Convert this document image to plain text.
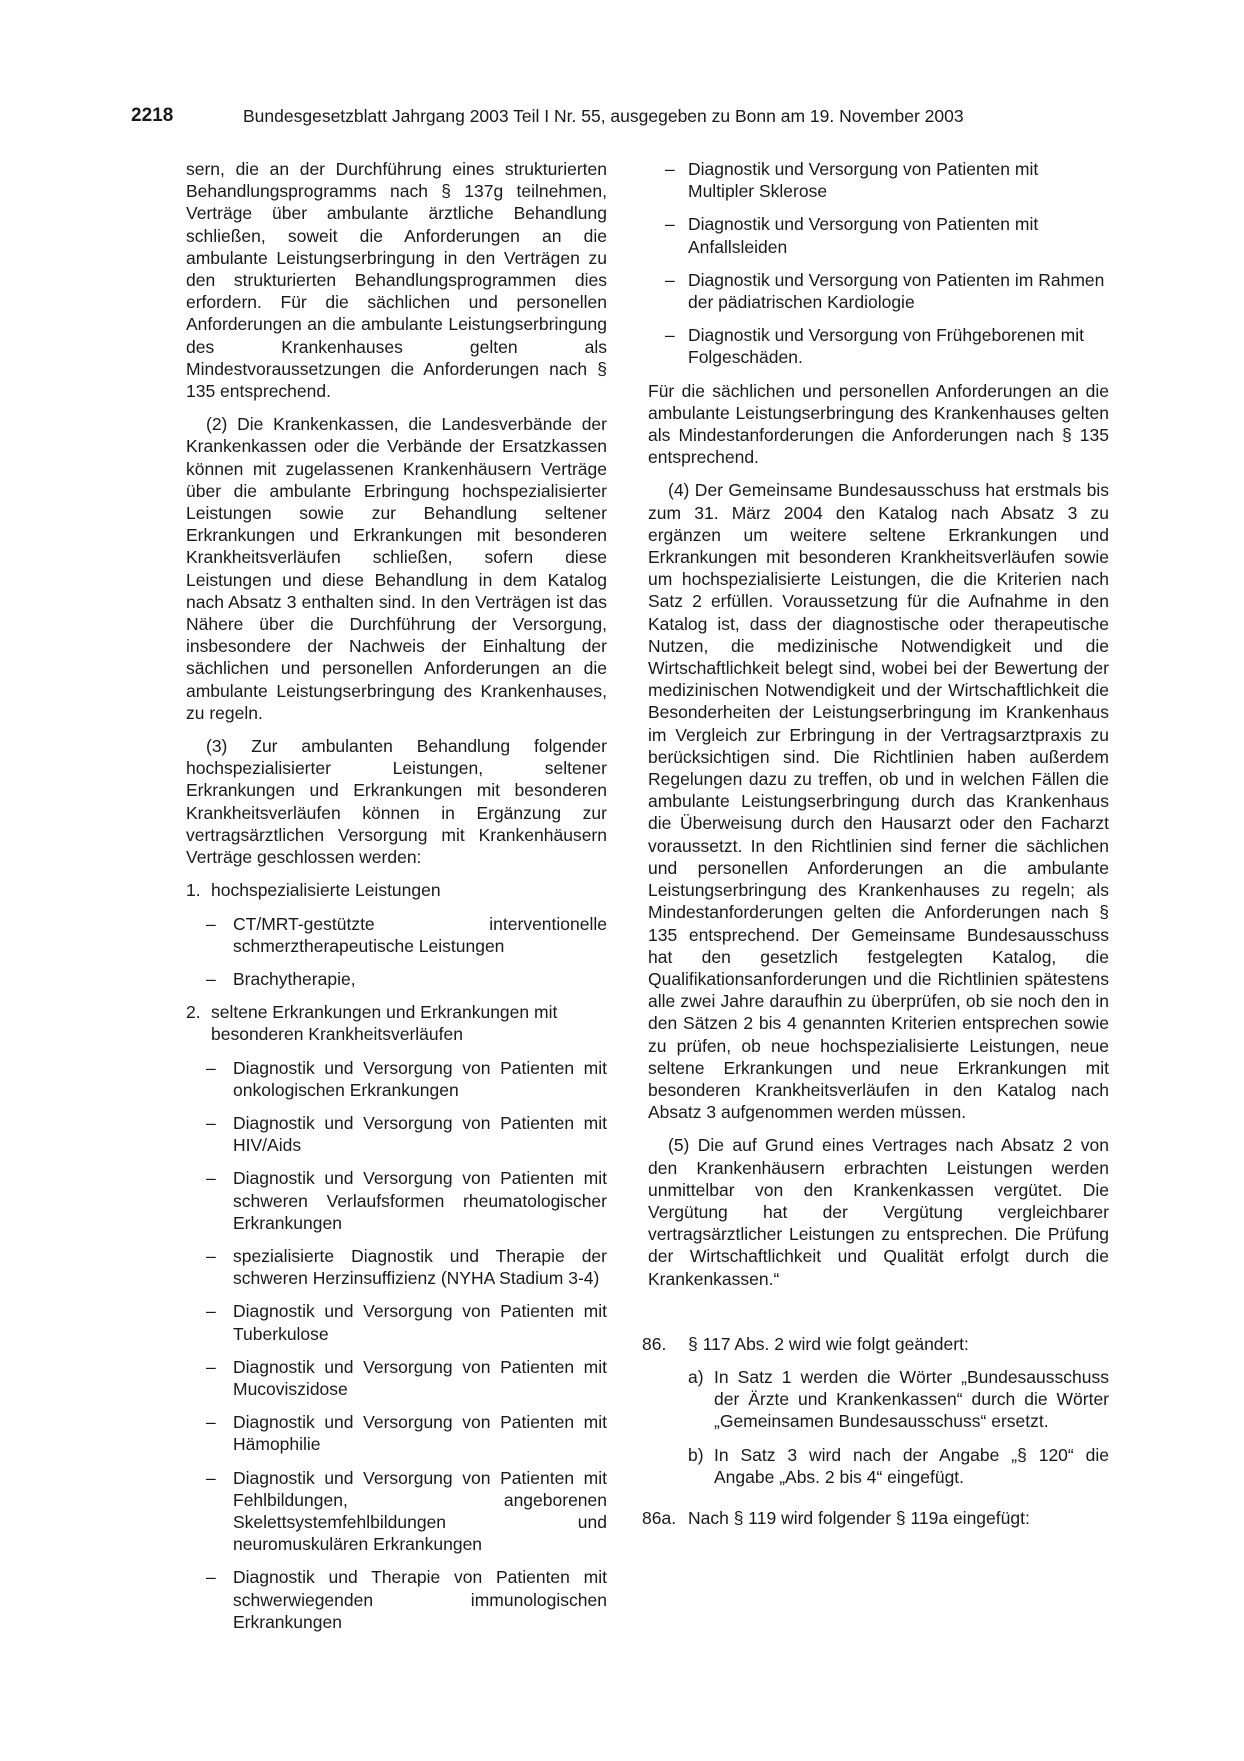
2218	Bundesgesetzblatt Jahrgang 2003 Teil I Nr. 55, ausgegeben zu Bonn am 19. November 2003

sern, die an der Durchführung eines strukturierten Behandlungsprogramms nach § 137g teilnehmen, Verträge über ambulante ärztliche Behandlung schließen, soweit die Anforderungen an die ambulante Leistungserbringung in den Verträgen zu den strukturierten Behandlungsprogrammen dies erfordern. Für die sächlichen und personellen Anforderungen an die ambulante Leistungserbringung des Krankenhauses gelten als Mindestvoraussetzungen die Anforderungen nach § 135 entsprechend.

(2) Die Krankenkassen, die Landesverbände der Krankenkassen oder die Verbände der Ersatzkassen können mit zugelassenen Krankenhäusern Verträge über die ambulante Erbringung hochspezialisierter Leistungen sowie zur Behandlung seltener Erkrankungen und Erkrankungen mit besonderen Krankheitsverläufen schließen, sofern diese Leistungen und diese Behandlung in dem Katalog nach Absatz 3 enthalten sind. In den Verträgen ist das Nähere über die Durchführung der Versorgung, insbesondere der Nachweis der Einhaltung der sächlichen und personellen Anforderungen an die ambulante Leistungserbringung des Krankenhauses, zu regeln.

(3) Zur ambulanten Behandlung folgender hochspezialisierter Leistungen, seltener Erkrankungen und Erkrankungen mit besonderen Krankheitsverläufen können in Ergänzung zur vertragsärztlichen Versorgung mit Krankenhäusern Verträge geschlossen werden:

1. hochspezialisierte Leistungen
– CT/MRT-gestützte interventionelle schmerztherapeutische Leistungen
– Brachytherapie,
2. seltene Erkrankungen und Erkrankungen mit besonderen Krankheitsverläufen
– Diagnostik und Versorgung von Patienten mit onkologischen Erkrankungen
– Diagnostik und Versorgung von Patienten mit HIV/Aids
– Diagnostik und Versorgung von Patienten mit schweren Verlaufsformen rheumatologischer Erkrankungen
– spezialisierte Diagnostik und Therapie der schweren Herzinsuffizienz (NYHA Stadium 3-4)
– Diagnostik und Versorgung von Patienten mit Tuberkulose
– Diagnostik und Versorgung von Patienten mit Mucoviszidose
– Diagnostik und Versorgung von Patienten mit Hämophilie
– Diagnostik und Versorgung von Patienten mit Fehlbildungen, angeborenen Skelettsystemfehlbildungen und neuromuskulären Erkrankungen
– Diagnostik und Therapie von Patienten mit schwerwiegenden immunologischen Erkrankungen
– Diagnostik und Versorgung von Patienten mit Multipler Sklerose
– Diagnostik und Versorgung von Patienten mit Anfallsleiden
– Diagnostik und Versorgung von Patienten im Rahmen der pädiatrischen Kardiologie
– Diagnostik und Versorgung von Frühgeborenen mit Folgeschäden.

Für die sächlichen und personellen Anforderungen an die ambulante Leistungserbringung des Krankenhauses gelten als Mindestanforderungen die Anforderungen nach § 135 entsprechend.

(4) Der Gemeinsame Bundesausschuss hat erstmals bis zum 31. März 2004 den Katalog nach Absatz 3 zu ergänzen um weitere seltene Erkrankungen und Erkrankungen mit besonderen Krankheitsverläufen sowie um hochspezialisierte Leistungen, die die Kriterien nach Satz 2 erfüllen. Voraussetzung für die Aufnahme in den Katalog ist, dass der diagnostische oder therapeutische Nutzen, die medizinische Notwendigkeit und die Wirtschaftlichkeit belegt sind, wobei bei der Bewertung der medizinischen Notwendigkeit und der Wirtschaftlichkeit die Besonderheiten der Leistungserbringung im Krankenhaus im Vergleich zur Erbringung in der Vertragsarztpraxis zu berücksichtigen sind. Die Richtlinien haben außerdem Regelungen dazu zu treffen, ob und in welchen Fällen die ambulante Leistungserbringung durch das Krankenhaus die Überweisung durch den Hausarzt oder den Facharzt voraussetzt. In den Richtlinien sind ferner die sächlichen und personellen Anforderungen an die ambulante Leistungserbringung des Krankenhauses zu regeln; als Mindestanforderungen gelten die Anforderungen nach § 135 entsprechend. Der Gemeinsame Bundesausschuss hat den gesetzlich festgelegten Katalog, die Qualifikationsanforderungen und die Richtlinien spätestens alle zwei Jahre daraufhin zu überprüfen, ob sie noch den in den Sätzen 2 bis 4 genannten Kriterien entsprechen sowie zu prüfen, ob neue hochspezialisierte Leistungen, neue seltene Erkrankungen und neue Erkrankungen mit besonderen Krankheitsverläufen in den Katalog nach Absatz 3 aufgenommen werden müssen.

(5) Die auf Grund eines Vertrages nach Absatz 2 von den Krankenhäusern erbrachten Leistungen werden unmittelbar von den Krankenkassen vergütet. Die Vergütung hat der Vergütung vergleichbarer vertragsärztlicher Leistungen zu entsprechen. Die Prüfung der Wirtschaftlichkeit und Qualität erfolgt durch die Krankenkassen.“

86. § 117 Abs. 2 wird wie folgt geändert:
a) In Satz 1 werden die Wörter „Bundesausschuss der Ärzte und Krankenkassen“ durch die Wörter „Gemeinsamen Bundesausschuss“ ersetzt.
b) In Satz 3 wird nach der Angabe „§ 120“ die Angabe „Abs. 2 bis 4“ eingefügt.
86a. Nach § 119 wird folgender § 119a eingefügt:
